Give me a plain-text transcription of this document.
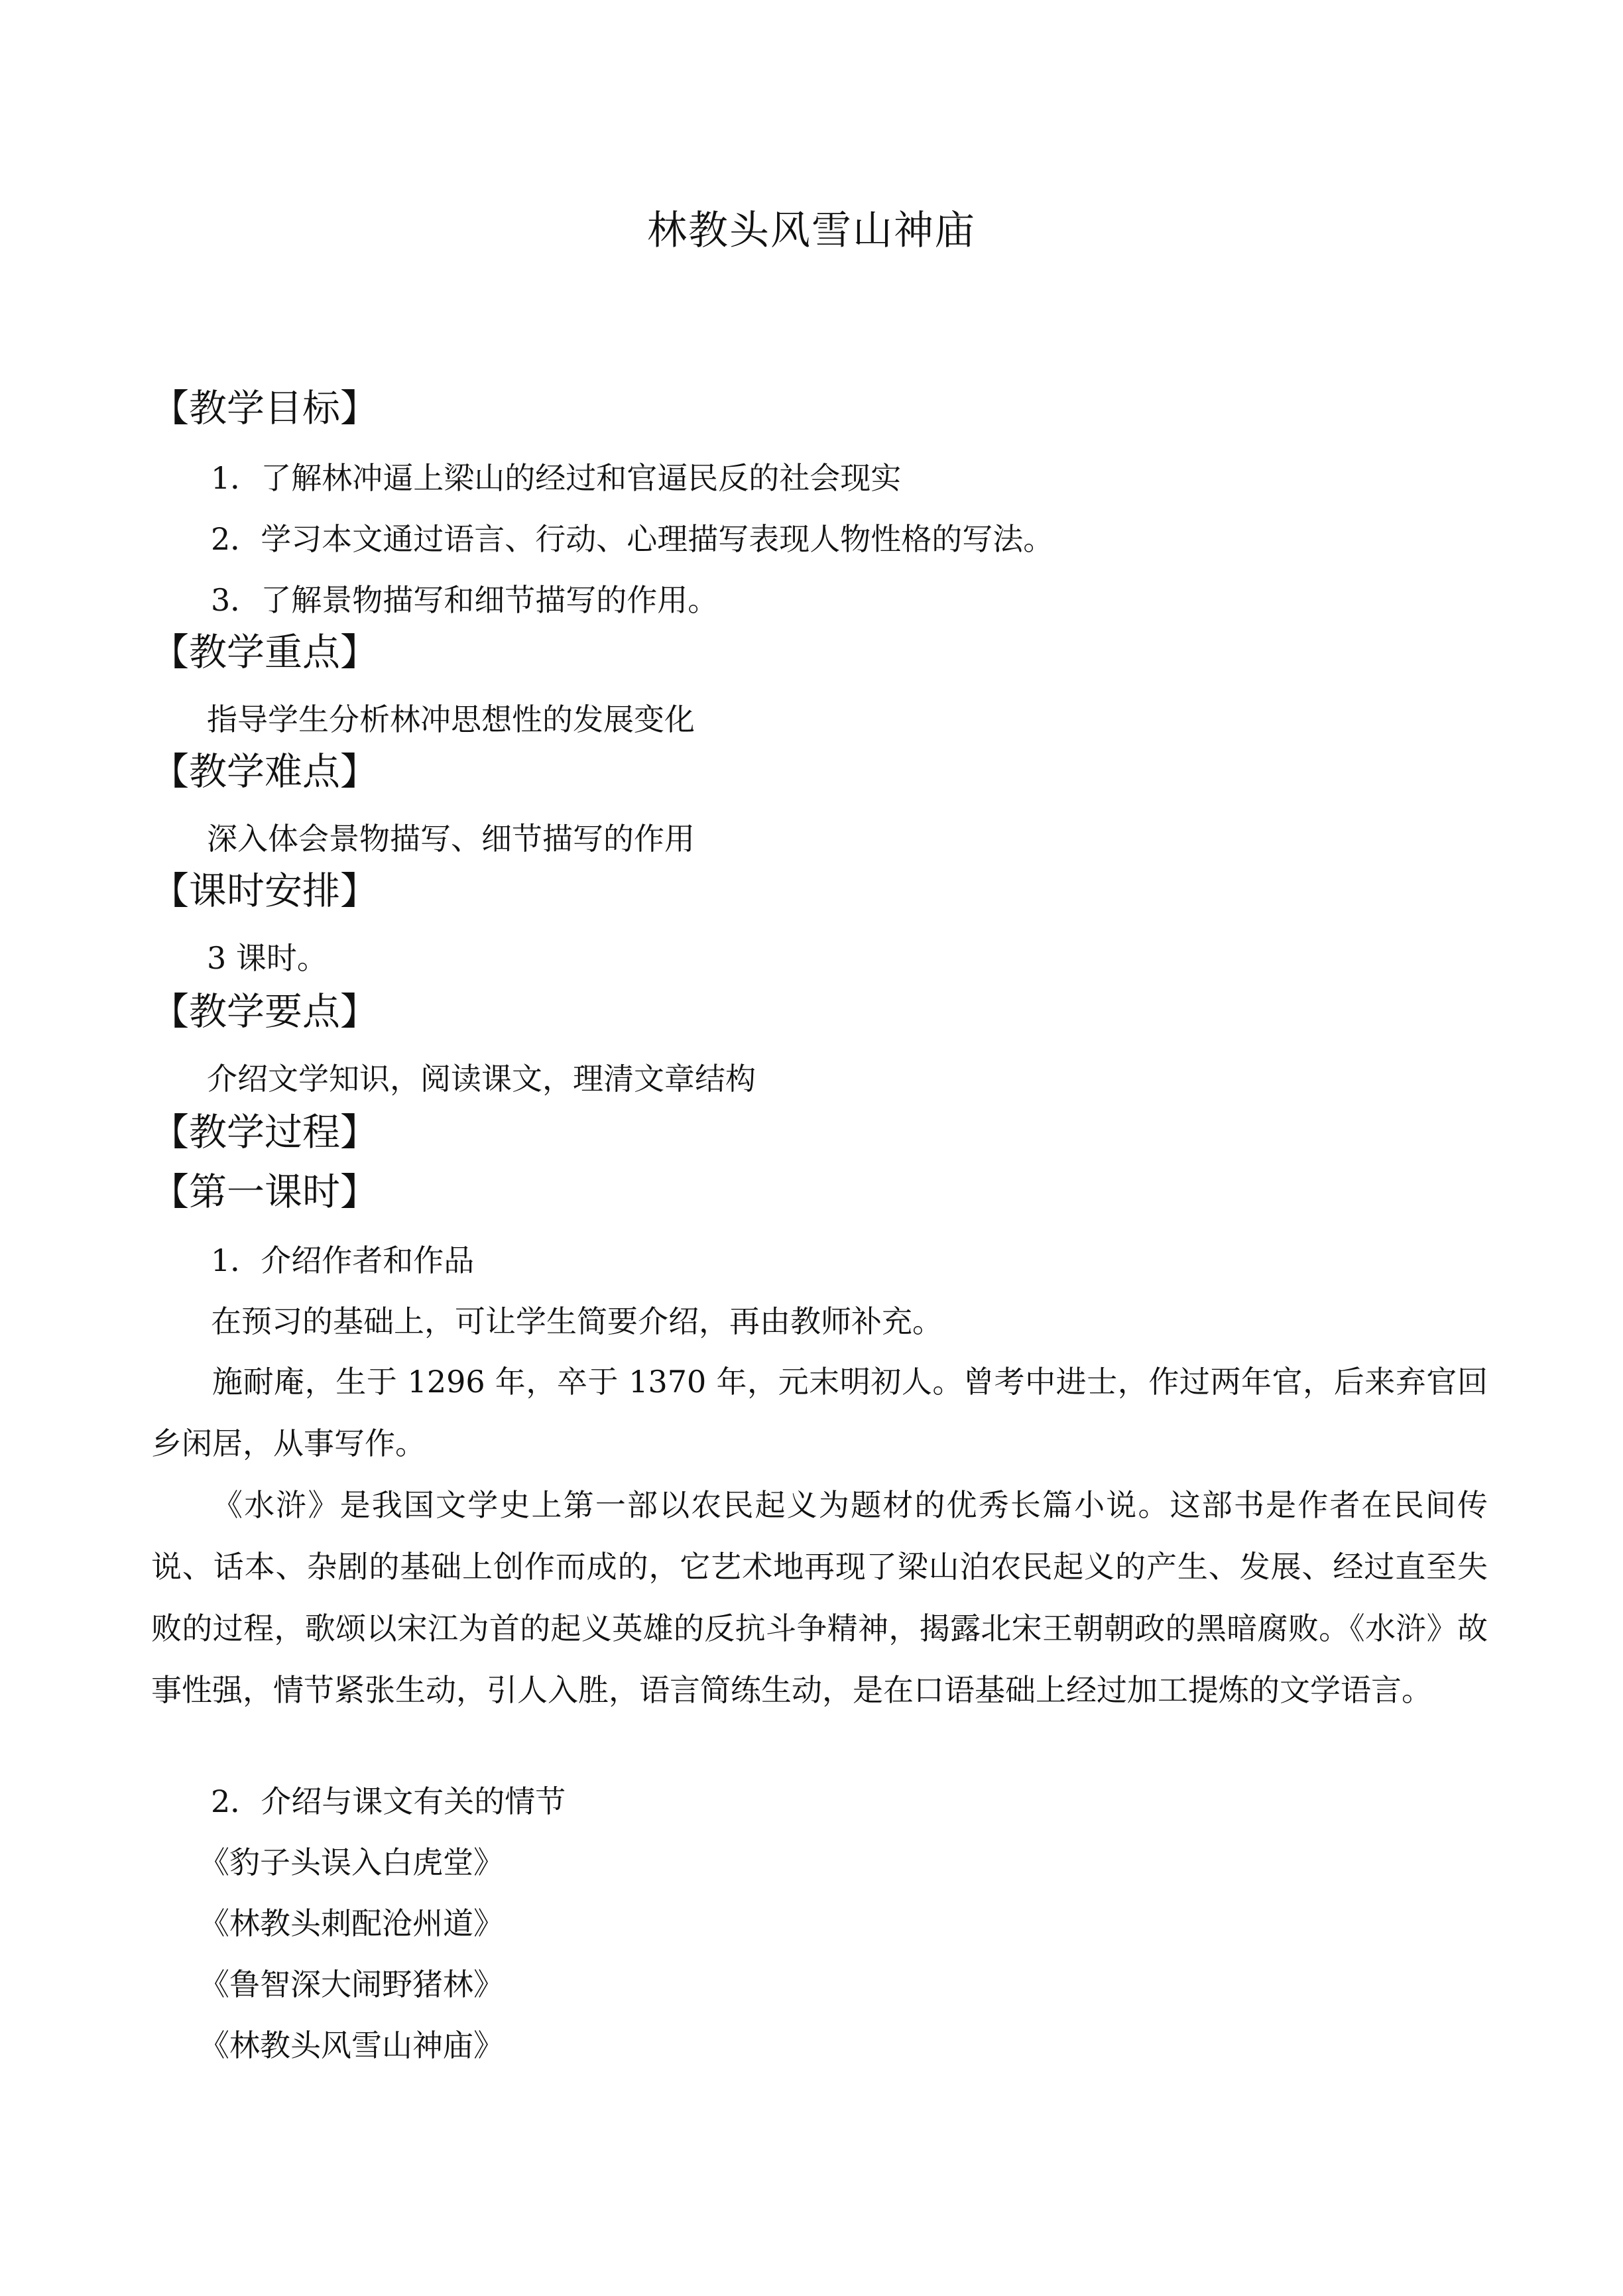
林教头风雪山神庙
【教学目标】
1．了解林冲逼上梁山的经过和官逼民反的社会现实
2．学习本文通过语言、行动、心理描写表现人物性格的写法。
3．了解景物描写和细节描写的作用。
【教学重点】
指导学生分析林冲思想性的发展变化
【教学难点】
深入体会景物描写、细节描写的作用
【课时安排】
3 课时。
【教学要点】
介绍文学知识，阅读课文，理清文章结构
【教学过程】
【第一课时】
1．介绍作者和作品
在预习的基础上，可让学生简要介绍，再由教师补充。
施耐庵，生于 1296 年，卒于 1370 年，元末明初人。曾考中进士，作过两年官，后来弃官回乡闲居，从事写作。
《水浒》是我国文学史上第一部以农民起义为题材的优秀长篇小说。这部书是作者在民间传说、话本、杂剧的基础上创作而成的，它艺术地再现了梁山泊农民起义的产生、发展、经过直至失败的过程，歌颂以宋江为首的起义英雄的反抗斗争精神，揭露北宋王朝朝政的黑暗腐败。《水浒》故事性强，情节紧张生动，引人入胜，语言简练生动，是在口语基础上经过加工提炼的文学语言。
2．介绍与课文有关的情节
《豹子头误入白虎堂》
《林教头刺配沧州道》
《鲁智深大闹野猪林》
《林教头风雪山神庙》
